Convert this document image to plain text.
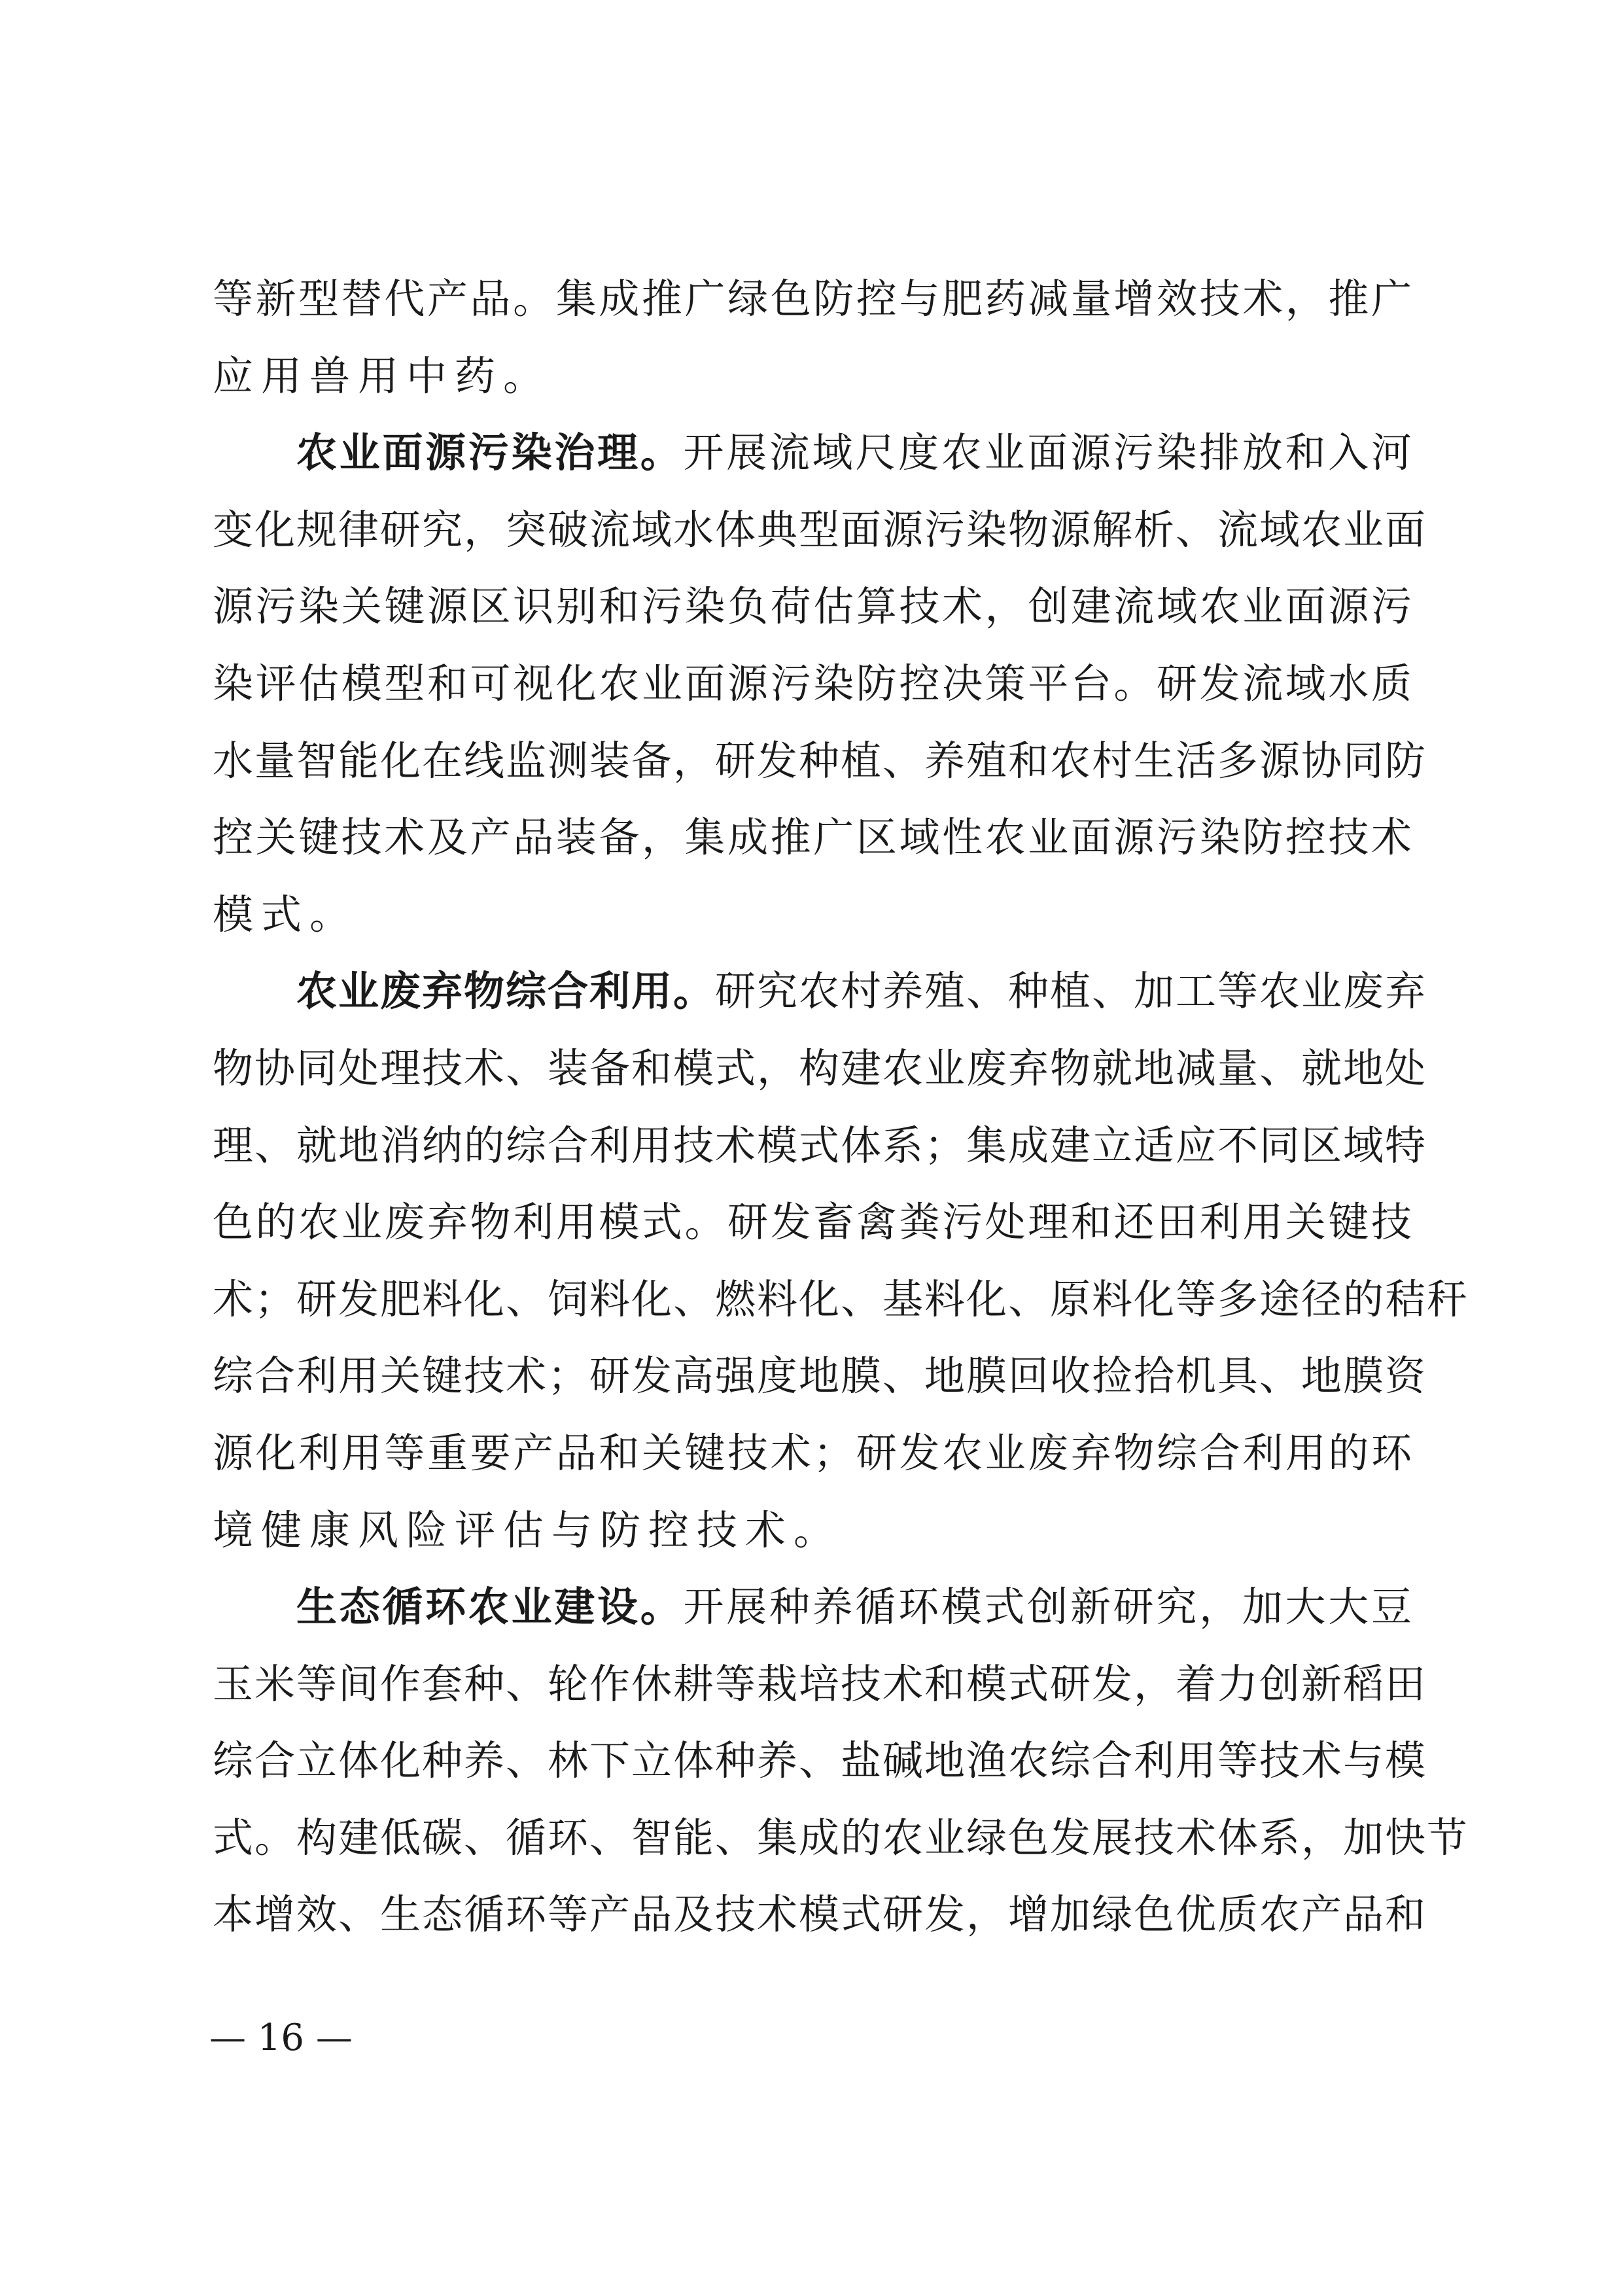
等新型替代产品。集成推广绿色防控与肥药减量增效技术，推广
应用兽用中药。
农业面源污染治理。开展流域尺度农业面源污染排放和入河
变化规律研究，突破流域水体典型面源污染物源解析、流域农业面
源污染关键源区识别和污染负荷估算技术，创建流域农业面源污
染评估模型和可视化农业面源污染防控决策平台。研发流域水质
水量智能化在线监测装备，研发种植、养殖和农村生活多源协同防
控关键技术及产品装备，集成推广区域性农业面源污染防控技术
模式。
农业废弃物综合利用。研究农村养殖、种植、加工等农业废弃
物协同处理技术、装备和模式，构建农业废弃物就地减量、就地处
理、就地消纳的综合利用技术模式体系；集成建立适应不同区域特
色的农业废弃物利用模式。研发畜禽粪污处理和还田利用关键技
术；研发肥料化、饲料化、燃料化、基料化、原料化等多途径的秸秆
综合利用关键技术；研发高强度地膜、地膜回收捡拾机具、地膜资
源化利用等重要产品和关键技术；研发农业废弃物综合利用的环
境健康风险评估与防控技术。
生态循环农业建设。开展种养循环模式创新研究，加大大豆
玉米等间作套种、轮作休耕等栽培技术和模式研发，着力创新稻田
综合立体化种养、林下立体种养、盐碱地渔农综合利用等技术与模
式。构建低碳、循环、智能、集成的农业绿色发展技术体系，加快节
本增效、生态循环等产品及技术模式研发，增加绿色优质农产品和
— 16 —
